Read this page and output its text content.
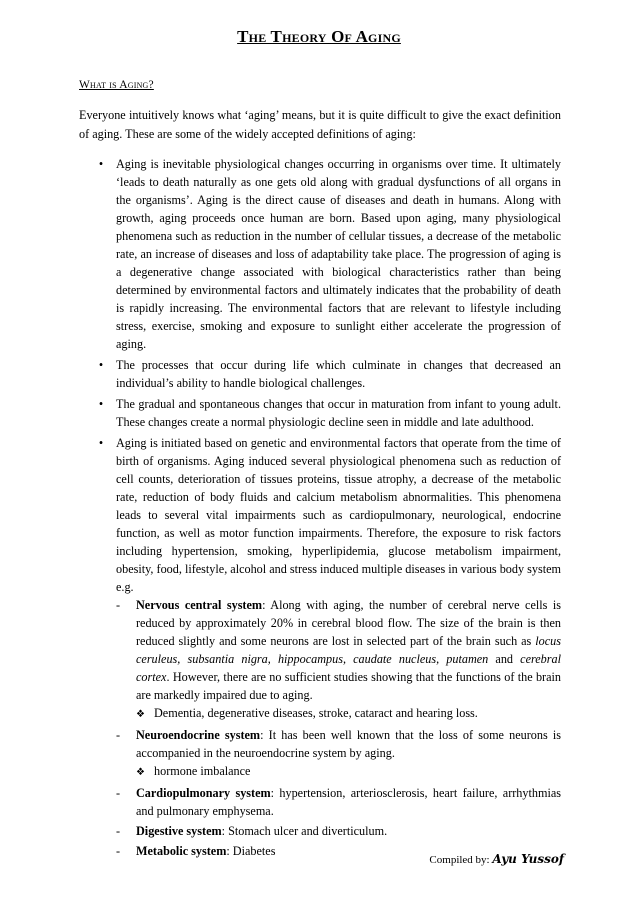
The Theory Of Aging
What is Aging?

Everyone intuitively knows what ‘aging’ means, but it is quite difficult to give the exact definition of aging. These are some of the widely accepted definitions of aging:

• Aging is inevitable physiological changes occurring in organisms over time. It ultimately ‘leads to death naturally as one gets old along with gradual dysfunctions of all organs in the organisms’. Aging is the direct cause of diseases and death in humans. Along with growth, aging proceeds once human are born. Based upon aging, many physiological phenomena such as reduction in the number of cellular tissues, a decrease of the metabolic rate, an increase of diseases and loss of adaptability take place. The progression of aging is a degenerative change associated with biological characteristics rather than being determined by environmental factors and ultimately indicates that the probability of death is rapidly increasing. The environmental factors that are relevant to lifestyle including stress, exercise, smoking and exposure to sunlight either accelerate the progression of aging.
• The processes that occur during life which culminate in changes that decreased an individual’s ability to handle biological challenges.
• The gradual and spontaneous changes that occur in maturation from infant to young adult. These changes create a normal physiologic decline seen in middle and late adulthood.
• Aging is initiated based on genetic and environmental factors that operate from the time of birth of organisms. Aging induced several physiological phenomena such as reduction of cell counts, deterioration of tissues proteins, tissue atrophy, a decrease of the metabolic rate, reduction of body fluids and calcium metabolism abnormalities. This phenomena leads to several vital impairments such as cardiopulmonary, neurological, endocrine function, as well as motor function impairments. Therefore, the exposure to risk factors including hypertension, smoking, hyperlipidemia, glucose metabolism impairment, obesity, food, lifestyle, alcohol and stress induced multiple diseases in various body system e.g.
- Nervous central system: Along with aging, the number of cerebral nerve cells is reduced by approximately 20% in cerebral blood flow. The size of the brain is then reduced slightly and some neurons are lost in selected part of the brain such as locus ceruleus, subsantia nigra, hippocampus, caudate nucleus, putamen and cerebral cortex. However, there are no sufficient studies showing that the functions of the brain are markedly impaired due to aging.
❖ Dementia, degenerative diseases, stroke, cataract and hearing loss.
- Neuroendocrine system: It has been well known that the loss of some neurons is accompanied in the neuroendocrine system by aging.
❖ hormone imbalance
- Cardiopulmonary system: hypertension, arteriosclerosis, heart failure, arrhythmias and pulmonary emphysema.
- Digestive system: Stomach ulcer and diverticulum.
- Metabolic system: Diabetes
Compiled by: Ayu Yussof
